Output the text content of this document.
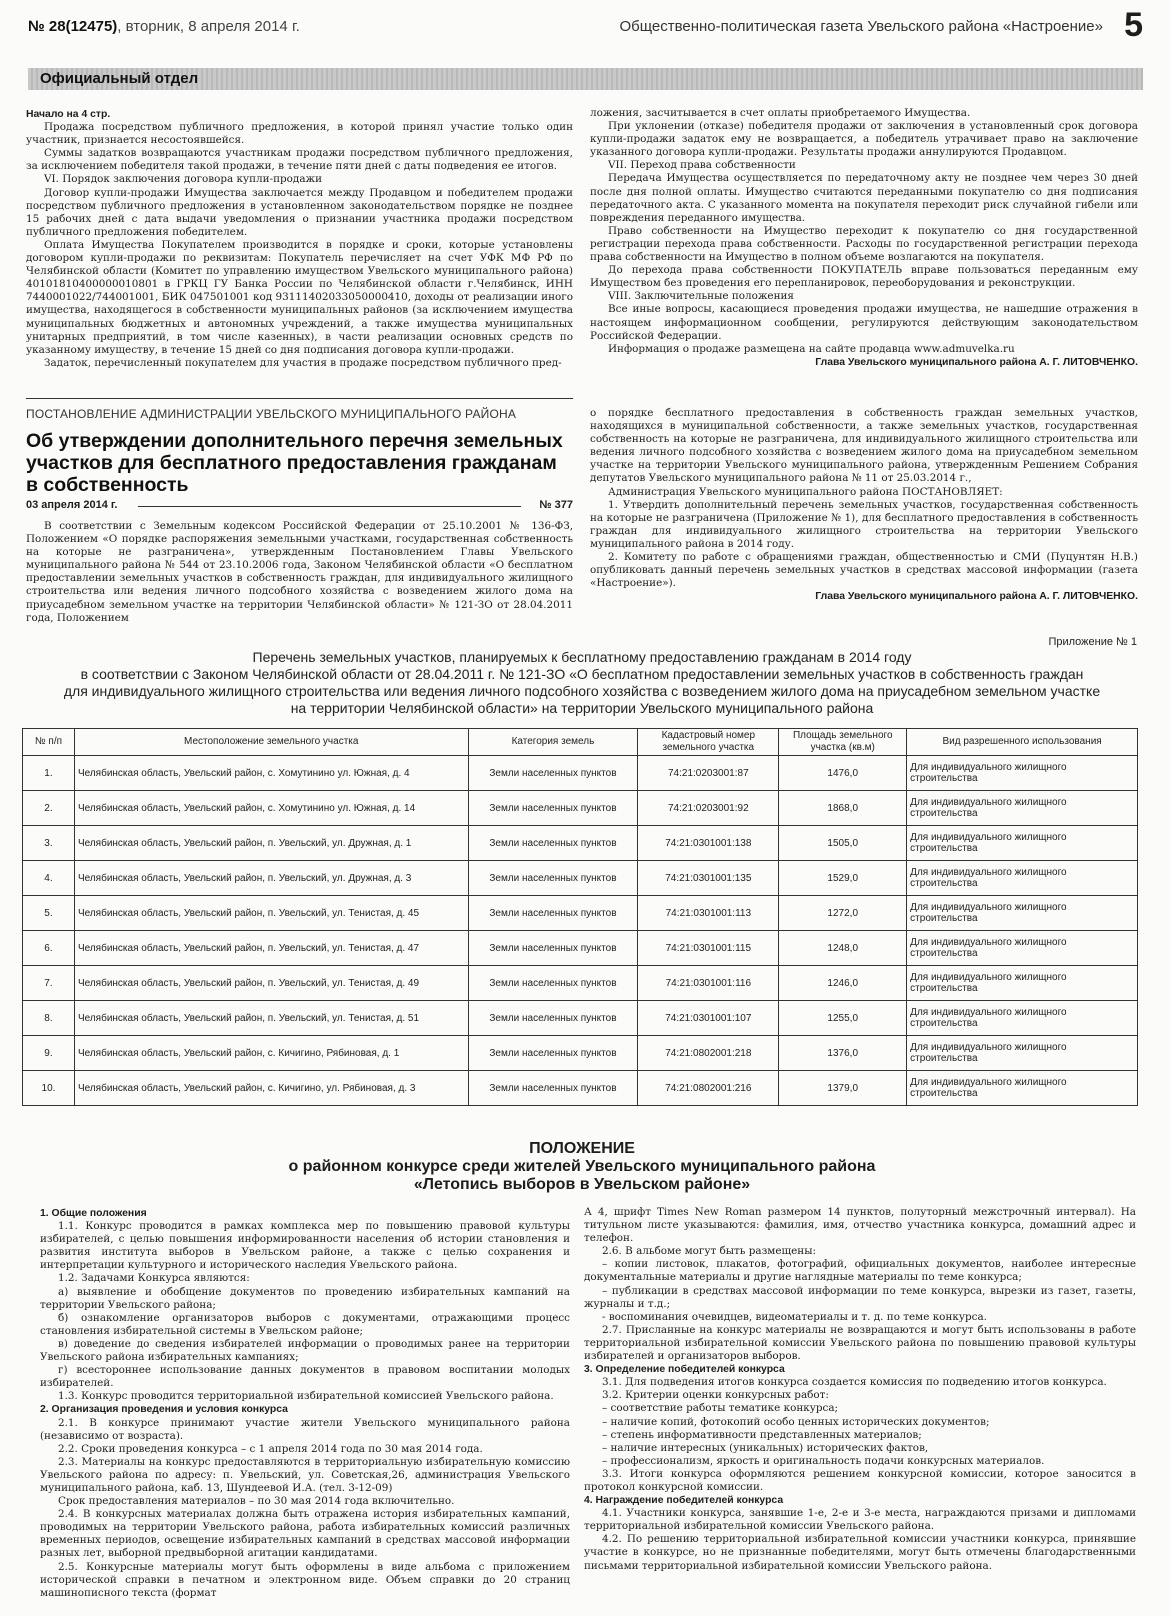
№ 28(12475), вторник, 8 апреля 2014 г.	Общественно-политическая газета Увельского района «Настроение» 5
Официальный отдел

Начало на 4 стр.

Продажа посредством публичного предложения, в которой принял участие только один участник, признается несостоявшейся.

Суммы задатков возвращаются участникам продажи посредством публичного предложения, за исключением победителя такой продажи, в течение пяти дней с даты подведения ее итогов.

VI. Порядок заключения договора купли-продажи

Договор купли-продажи Имущества заключается между Продавцом и победителем продажи посредством публичного предложения в установленном законодательством порядке не позднее 15 рабочих дней с дата выдачи уведомления о признании участника продажи посредством публичного предложения победителем.

Оплата Имущества Покупателем производится в порядке и сроки, которые установлены договором купли-продажи по реквизитам: Покупатель перечисляет на счет УФК МФ РФ по Челябинской области (Комитет по управлению имуществом Увельского муниципального района) 40101810400000010801 в ГРКЦ ГУ Банка России по Челябинской области г.Челябинск, ИНН 7440001022/744001001, БИК 047501001 код 93111402033050000410, доходы от реализации иного имущества, находящегося в собственности муниципальных районов (за исключением имущества муниципальных бюджетных и автономных учреждений, а также имущества муниципальных унитарных предприятий, в том числе казенных), в части реализации основных средств по указанному имуществу, в течение 15 дней со дня подписания договора купли-продажи.

Задаток, перечисленный покупателем для участия в продаже посредством публичного пред-

ложения, засчитывается в счет оплаты приобретаемого Имущества.

При уклонении (отказе) победителя продажи от заключения в установленный срок договора купли-продажи задаток ему не возвращается, а победитель утрачивает право на заключение указанного договора купли-продажи. Результаты продажи аннулируются Продавцом.

VII. Переход права собственности

Передача Имущества осуществляется по передаточному акту не позднее чем через 30 дней после дня полной оплаты. Имущество считаются переданными покупателю со дня подписания передаточного акта. С указанного момента на покупателя переходит риск случайной гибели или повреждения переданного имущества.

Право собственности на Имущество переходит к покупателю со дня государственной регистрации перехода права собственности. Расходы по государственной регистрации перехода права собственности на Имущество в полном объеме возлагаются на покупателя.

До перехода права собственности ПОКУПАТЕЛЬ вправе пользоваться переданным ему Имуществом без проведения его перепланировок, переоборудования и реконструкции.

VIII. Заключительные положения

Все иные вопросы, касающиеся проведения продажи имущества, не нашедшие отражения в настоящем информационном сообщении, регулируются действующим законодательством Российской Федерации.

Информация о продаже размещена на сайте продавца www.admuvelka.ru

Глава Увельского муниципального района А. Г. ЛИТОВЧЕНКО.

ПОСТАНОВЛЕНИЕ АДМИНИСТРАЦИИ УВЕЛЬСКОГО МУНИЦИПАЛЬНОГО РАЙОНА
Об утверждении дополнительного перечня земельных участков для бесплатного предоставления гражданам в собственность
03 апреля 2014 г.	№ 377

В соответствии с Земельным кодексом Российской Федерации от 25.10.2001 № 136-ФЗ, Положением «О порядке распоряжения земельными участками, государственная собственность на которые не разграничена», утвержденным Постановлением Главы Увельского муниципального района № 544 от 23.10.2006 года, Законом Челябинской области «О бесплатном предоставлении земельных участков в собственность граждан, для индивидуального жилищного строительства или ведения личного подсобного хозяйства с возведением жилого дома на приусадебном земельном участке на территории Челябинской области» № 121-ЗО от 28.04.2011 года, Положением

о порядке бесплатного предоставления в собственность граждан земельных участков, находящихся в муниципальной собственности, а также земельных участков, государственная собственность на которые не разграничена, для индивидуального жилищного строительства или ведения личного подсобного хозяйства с возведением жилого дома на приусадебном земельном участке на территории Увельского муниципального района, утвержденным Решением Собрания депутатов Увельского муниципального района № 11 от 25.03.2014 г.,

Администрация Увельского муниципального района ПОСТАНОВЛЯЕТ:

1. Утвердить дополнительный перечень земельных участков, государственная собственность на которые не разграничена (Приложение № 1), для бесплатного предоставления в собственность граждан для индивидуального жилищного строительства на территории Увельского муниципального района в 2014 году.

2. Комитету по работе с обращениями граждан, общественностью и СМИ (Пуцунтян Н.В.) опубликовать данный перечень земельных участков в средствах массовой информации (газета «Настроение»).

Глава Увельского муниципального района А. Г. ЛИТОВЧЕНКО.

Приложение № 1
Перечень земельных участков, планируемых к бесплатному предоставлению гражданам в 2014 году
в соответствии с Законом Челябинской области от 28.04.2011 г. № 121-ЗО «О бесплатном предоставлении земельных участков в собственность граждан
для индивидуального жилищного строительства или ведения личного подсобного хозяйства с возведением жилого дома на приусадебном земельном участке
на территории Челябинской области» на территории Увельского муниципального района
№ п/п	Местоположение земельного участка	Категория земель	Кадастровый номер земельного участка	Площадь земельного участка (кв.м)	Вид разрешенного использования
1.	Челябинская область, Увельский район, с. Хомутинино ул. Южная, д. 4	Земли населенных пунктов	74:21:0203001:87	1476,0	Для индивидуального жилищного строительства
2.	Челябинская область, Увельский район, с. Хомутинино ул. Южная, д. 14	Земли населенных пунктов	74:21:0203001:92	1868,0	Для индивидуального жилищного строительства
3.	Челябинская область, Увельский район, п. Увельский, ул. Дружная, д. 1	Земли населенных пунктов	74:21:0301001:138	1505,0	Для индивидуального жилищного строительства
4.	Челябинская область, Увельский район, п. Увельский, ул. Дружная, д. 3	Земли населенных пунктов	74:21:0301001:135	1529,0	Для индивидуального жилищного строительства
5.	Челябинская область, Увельский район, п. Увельский, ул. Тенистая, д. 45	Земли населенных пунктов	74:21:0301001:113	1272,0	Для индивидуального жилищного строительства
6.	Челябинская область, Увельский район, п. Увельский, ул. Тенистая, д. 47	Земли населенных пунктов	74:21:0301001:115	1248,0	Для индивидуального жилищного строительства
7.	Челябинская область, Увельский район, п. Увельский, ул. Тенистая, д. 49	Земли населенных пунктов	74:21:0301001:116	1246,0	Для индивидуального жилищного строительства
8.	Челябинская область, Увельский район, п. Увельский, ул. Тенистая, д. 51	Земли населенных пунктов	74:21:0301001:107	1255,0	Для индивидуального жилищного строительства
9.	Челябинская область, Увельский район, с. Кичигино, Рябиновая, д. 1	Земли населенных пунктов	74:21:0802001:218	1376,0	Для индивидуального жилищного строительства
10.	Челябинская область, Увельский район, с. Кичигино, ул. Рябиновая, д. 3	Земли населенных пунктов	74:21:0802001:216	1379,0	Для индивидуального жилищного строительства
ПОЛОЖЕНИЕ
о районном конкурсе среди жителей Увельского муниципального района
«Летопись выборов в Увельском районе»

1. Общие положения

1.1. Конкурс проводится в рамках комплекса мер по повышению правовой культуры избирателей, с целью повышения информированности населения об истории становления и развития института выборов в Увельском районе, а также с целью сохранения и интерпретации культурного и исторического наследия Увельского района.

1.2. Задачами Конкурса являются:

а) выявление и обобщение документов по проведению избирательных кампаний на территории Увельского района;

б) ознакомление организаторов выборов с документами, отражающими процесс становления избирательной системы в Увельском районе;

в) доведение до сведения избирателей информации о проводимых ранее на территории Увельского района избирательных кампаниях;

г) всестороннее использование данных документов в правовом воспитании молодых избирателей.

1.3. Конкурс проводится территориальной избирательной комиссией Увельского района.

2. Организация проведения и условия конкурса

2.1. В конкурсе принимают участие жители Увельского муниципального района (независимо от возраста).

2.2. Сроки проведения конкурса – с 1 апреля 2014 года по 30 мая 2014 года.

2.3. Материалы на конкурс предоставляются в территориальную избирательную комиссию Увельского района по адресу: п. Увельский, ул. Советская,26, администрация Увельского муниципального района, каб. 13, Шундеевой И.А. (тел. 3-12-09)

Срок предоставления материалов – по 30 мая 2014 года включительно.

2.4. В конкурсных материалах должна быть отражена история избирательных кампаний, проводимых на территории Увельского района, работа избирательных комиссий различных временных периодов, освещение избирательных кампаний в средствах массовой информации разных лет, выборной предвыборной агитации кандидатами.

2.5. Конкурсные материалы могут быть оформлены в виде альбома с приложением исторической справки в печатном и электронном виде. Объем справки до 20 страниц машинописного текста (формат

А 4, шрифт Times New Roman размером 14 пунктов, полуторный межстрочный интервал). На титульном листе указываются: фамилия, имя, отчество участника конкурса, домашний адрес и телефон.

2.6. В альбоме могут быть размещены:

– копии листовок, плакатов, фотографий, официальных документов, наиболее интересные документальные материалы и другие наглядные материалы по теме конкурса;

– публикации в средствах массовой информации по теме конкурса, вырезки из газет, газеты, журналы и т.д.;

- воспоминания очевидцев, видеоматериалы и т. д. по теме конкурса.

2.7. Присланные на конкурс материалы не возвращаются и могут быть использованы в работе территориальной избирательной комиссии Увельского района по повышению правовой культуры избирателей и организаторов выборов.

3. Определение победителей конкурса

3.1. Для подведения итогов конкурса создается комиссия по подведению итогов конкурса.

3.2. Критерии оценки конкурсных работ:

– соответствие работы тематике конкурса;

– наличие копий, фотокопий особо ценных исторических документов;

– степень информативности представленных материалов;

– наличие интересных (уникальных) исторических фактов,

– профессионализм, яркость и оригинальность подачи конкурсных материалов.

3.3. Итоги конкурса оформляются решением конкурсной комиссии, которое заносится в протокол конкурсной комиссии.

4. Награждение победителей конкурса

4.1. Участники конкурса, занявшие 1-е, 2-е и 3-е места, награждаются призами и дипломами территориальной избирательной комиссии Увельского района.

4.2. По решению территориальной избирательной комиссии участники конкурса, принявшие участие в конкурсе, но не признанные победителями, могут быть отмечены благодарственными письмами территориальной избирательной комиссии Увельского района.
